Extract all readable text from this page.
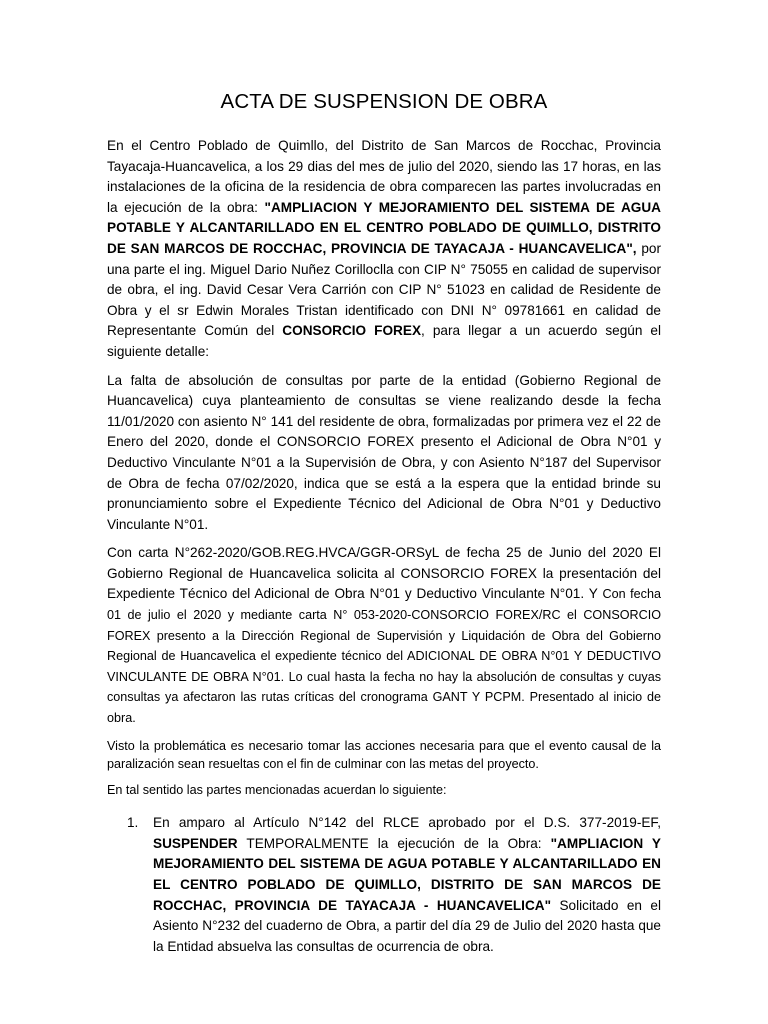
ACTA DE SUSPENSION DE OBRA

En el Centro Poblado de Quimllo, del Distrito de San Marcos de Rocchac, Provincia Tayacaja-Huancavelica, a los 29 dias del mes de julio del 2020, siendo las 17 horas, en las instalaciones de la oficina de la residencia de obra comparecen las partes involucradas en la ejecución de la obra: "AMPLIACION Y MEJORAMIENTO DEL SISTEMA DE AGUA POTABLE Y ALCANTARILLADO EN EL CENTRO POBLADO DE QUIMLLO, DISTRITO DE SAN MARCOS DE ROCCHAC, PROVINCIA DE TAYACAJA - HUANCAVELICA", por una parte el ing. Miguel Dario Nuñez Corilloclla con CIP N° 75055 en calidad de supervisor de obra, el ing. David Cesar Vera Carrión con CIP N° 51023 en calidad de Residente de Obra y el sr Edwin Morales Tristan identificado con DNI N° 09781661 en calidad de Representante Común del CONSORCIO FOREX, para llegar a un acuerdo según el siguiente detalle:

La falta de absolución de consultas por parte de la entidad (Gobierno Regional de Huancavelica) cuya planteamiento de consultas se viene realizando desde la fecha 11/01/2020 con asiento N° 141 del residente de obra, formalizadas por primera vez el 22 de Enero del 2020, donde el CONSORCIO FOREX presento el Adicional de Obra N°01 y Deductivo Vinculante N°01 a la Supervisión de Obra, y con Asiento N°187 del Supervisor de Obra de fecha 07/02/2020, indica que se está a la espera que la entidad brinde su pronunciamiento sobre el Expediente Técnico del Adicional de Obra N°01 y Deductivo Vinculante N°01.

Con carta N°262-2020/GOB.REG.HVCA/GGR-ORSyL de fecha 25 de Junio del 2020 El Gobierno Regional de Huancavelica solicita al CONSORCIO FOREX la presentación del Expediente Técnico del Adicional de Obra N°01 y Deductivo Vinculante N°01. Y Con fecha 01 de julio el 2020 y mediante carta N° 053-2020-CONSORCIO FOREX/RC el CONSORCIO FOREX presento a la Dirección Regional de Supervisión y Liquidación de Obra del Gobierno Regional de Huancavelica el expediente técnico del ADICIONAL DE OBRA N°01 Y DEDUCTIVO VINCULANTE DE OBRA N°01. Lo cual hasta la fecha no hay la absolución de consultas y cuyas consultas ya afectaron las rutas críticas del cronograma GANT Y PCPM. Presentado al inicio de obra.

Visto la problemática es necesario tomar las acciones necesaria para que el evento causal de la paralización sean resueltas con el fin de culminar con las metas del proyecto.

En tal sentido las partes mencionadas acuerdan lo siguiente:

1. En amparo al Artículo N°142 del RLCE aprobado por el D.S. 377-2019-EF, SUSPENDER TEMPORALMENTE la ejecución de la Obra: "AMPLIACION Y MEJORAMIENTO DEL SISTEMA DE AGUA POTABLE Y ALCANTARILLADO EN EL CENTRO POBLADO DE QUIMLLO, DISTRITO DE SAN MARCOS DE ROCCHAC, PROVINCIA DE TAYACAJA - HUANCAVELICA" Solicitado en el Asiento N°232 del cuaderno de Obra, a partir del día 29 de Julio del 2020 hasta que la Entidad absuelva las consultas de ocurrencia de obra.
